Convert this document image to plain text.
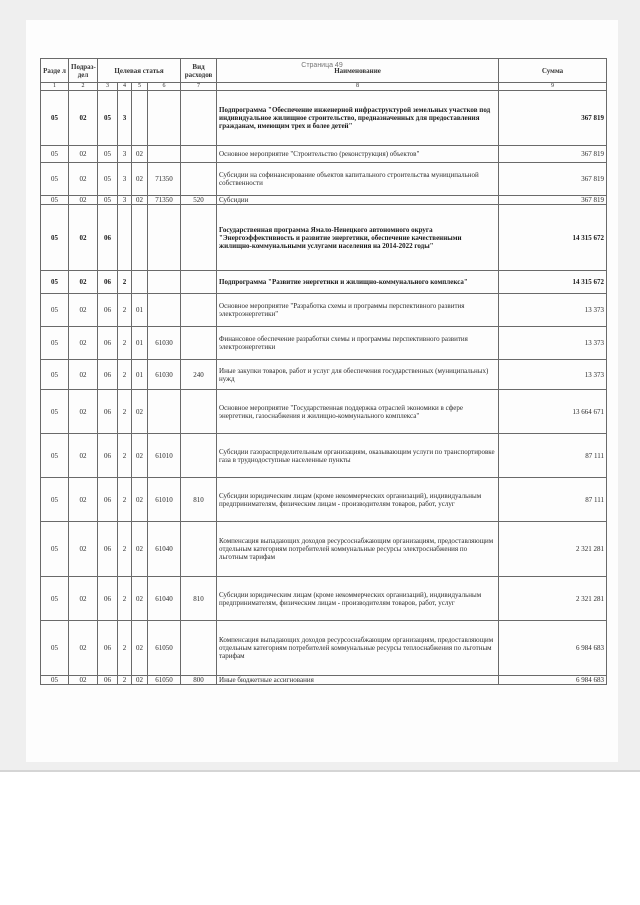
Страница 49
Разде л	Подраз- дел	Целевая статья				Вид расходов	Наименование	Сумма
1	2	3	4	5	6	7	8	9
05	02	05	3				Подпрограмма "Обеспечение инженерной инфраструктурой земельных участков под индивидуальное жилищное строительство, предназначенных для предоставления гражданам, имеющим трех и более детей"	367 819
05	02	05	3	02			Основное мероприятие "Строительство (реконструкция) объектов"	367 819
05	02	05	3	02	71350		Субсидии на софинансирование объектов капитального строительства муниципальной собственности	367 819
05	02	05	3	02	71350	520	Субсидии	367 819
05	02	06					Государственная программа Ямало-Ненецкого автономного округа "Энергоэффективность и развитие энергетики, обеспечение качественными жилищно-коммунальными услугами населения на 2014-2022 годы"	14 315 672
05	02	06	2				Подпрограмма "Развитие энергетики и жилищно-коммунального комплекса"	14 315 672
05	02	06	2	01			Основное мероприятие "Разработка схемы и программы перспективного развития электроэнергетики"	13 373
05	02	06	2	01	61030		Финансовое обеспечение разработки схемы и программы перспективного развития электроэнергетики	13 373
05	02	06	2	01	61030	240	Иные закупки товаров, работ и услуг для обеспечения государственных (муниципальных) нужд	13 373
05	02	06	2	02			Основное мероприятие "Государственная поддержка отраслей экономики в сфере энергетики, газоснабжения и жилищно-коммунального комплекса"	13 664 671
05	02	06	2	02	61010		Субсидии газораспределительным организациям, оказывающим услуги по транспортировке газа в труднодоступные населенные пункты	87 111
05	02	06	2	02	61010	810	Субсидии юридическим лицам (кроме некоммерческих организаций), индивидуальным предпринимателям, физическим лицам - производителям товаров, работ, услуг	87 111
05	02	06	2	02	61040		Компенсация выпадающих доходов ресурсоснабжающим организациям, предоставляющим отдельным категориям потребителей коммунальные ресурсы электроснабжения по льготным тарифам	2 321 281
05	02	06	2	02	61040	810	Субсидии юридическим лицам (кроме некоммерческих организаций), индивидуальным предпринимателям, физическим лицам - производителям товаров, работ, услуг	2 321 281
05	02	06	2	02	61050		Компенсация выпадающих доходов ресурсоснабжающим организациям, предоставляющим отдельным категориям потребителей коммунальные ресурсы теплоснабжения по льготным тарифам	6 984 683
05	02	06	2	02	61050	800	Иные бюджетные ассигнования	6 984 683
